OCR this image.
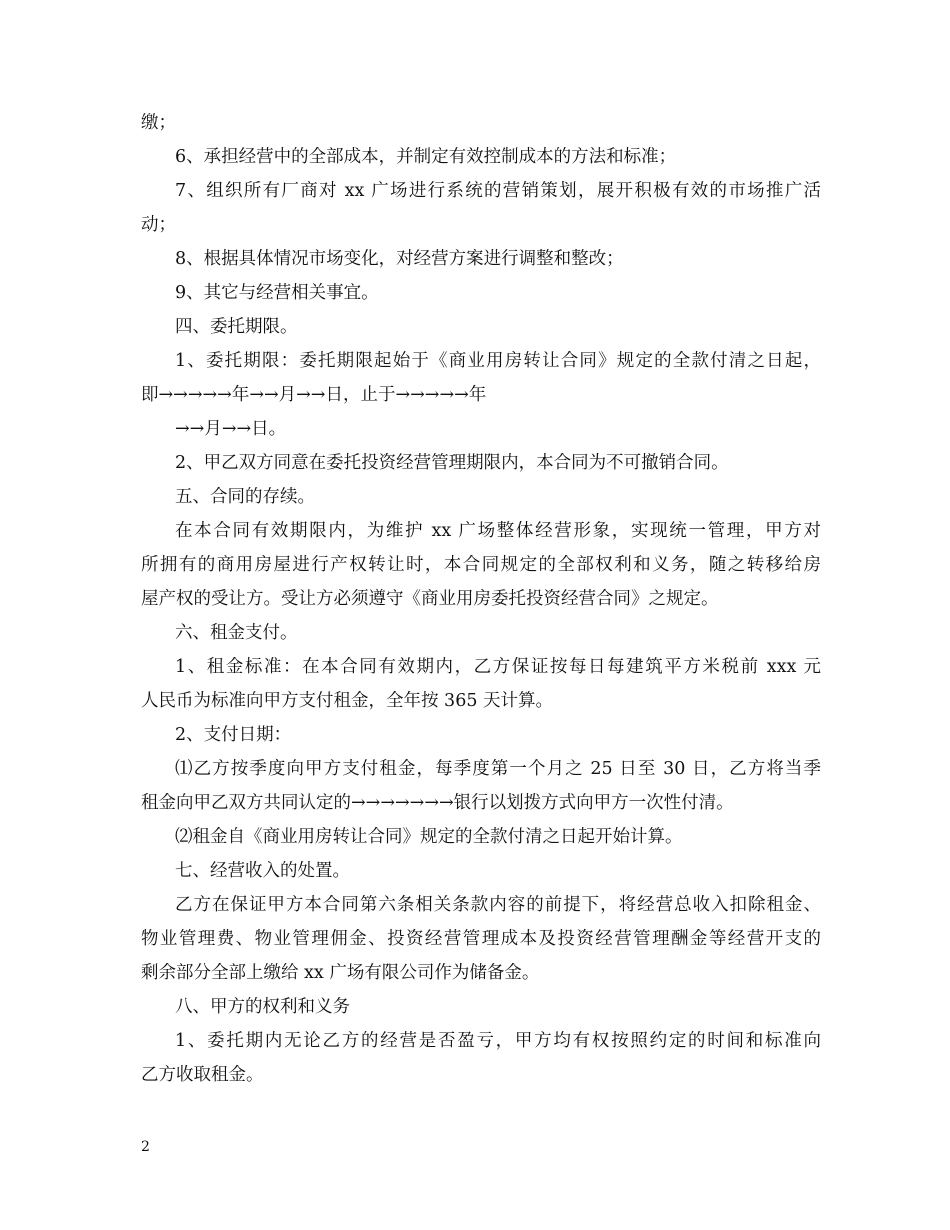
缴；
6、承担经营中的全部成本，并制定有效控制成本的方法和标准；
7、组织所有厂商对 xx 广场进行系统的营销策划，展开积极有效的市场推广活
动；
8、根据具体情况市场变化，对经营方案进行调整和整改；
9、其它与经营相关事宜。
四、委托期限。
1、委托期限：委托期限起始于《商业用房转让合同》规定的全款付清之日起，
即→→→→→年→→月→→日，止于→→→→→年
→→月→→日。
2、甲乙双方同意在委托投资经营管理期限内，本合同为不可撤销合同。
五、合同的存续。
在本合同有效期限内，为维护 xx 广场整体经营形象，实现统一管理，甲方对
所拥有的商用房屋进行产权转让时，本合同规定的全部权利和义务，随之转移给房
屋产权的受让方。受让方必须遵守《商业用房委托投资经营合同》之规定。
六、租金支付。
1、租金标准：在本合同有效期内，乙方保证按每日每建筑平方米税前 xxx 元
人民币为标准向甲方支付租金，全年按 365 天计算。
2、支付日期：
⑴乙方按季度向甲方支付租金，每季度第一个月之 25 日至 30 日，乙方将当季
租金向甲乙双方共同认定的→→→→→→→银行以划拨方式向甲方一次性付清。
⑵租金自《商业用房转让合同》规定的全款付清之日起开始计算。
七、经营收入的处置。
乙方在保证甲方本合同第六条相关条款内容的前提下，将经营总收入扣除租金、
物业管理费、物业管理佣金、投资经营管理成本及投资经营管理酬金等经营开支的
剩余部分全部上缴给 xx 广场有限公司作为储备金。
八、甲方的权利和义务
1、委托期内无论乙方的经营是否盈亏，甲方均有权按照约定的时间和标准向
乙方收取租金。
2
